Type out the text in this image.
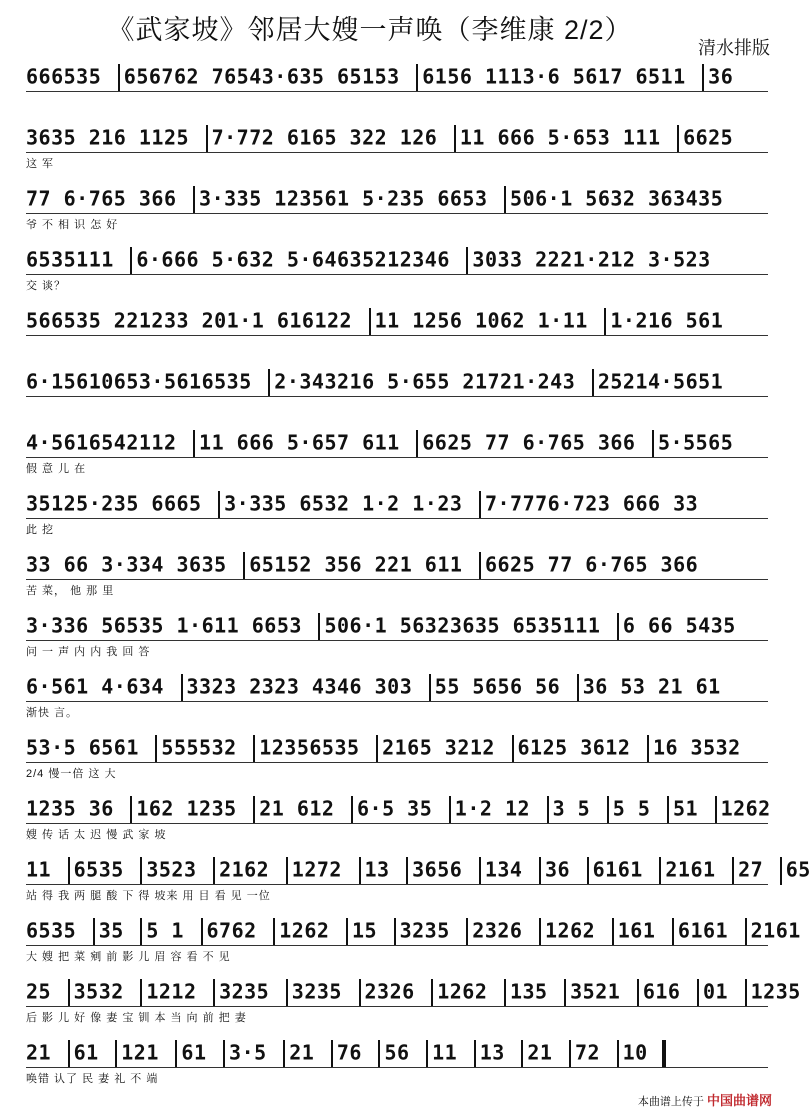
《武家坡》邻居大嫂一声唤（李维康 2/2）
清水排版
666535 656762 76543·635 65153 6156 1113·6 5617 6511 36
3635 216 1125 7·772 6165 322 126 11 666 5·653 111 6625
这 军
77 6·765 366 3·335 123561 5·235 6653 506·1 5632 363435
爷 不 相 识 怎 好
6535111 6·666 5·632 5·6463521234​6 3033 2221·212 3·523
交 谈？
566535 221233 201·1 616122 11 1256 1062 1·11 1·216 561
6·15610653·5616535 2·343216 5·655 21721·243 25214·5651
4·5616542112 11 666 5·657 611 6625 77 6·765 366 5·5565
假 意 儿 在
35125·235 6665 3·335 6532 1·2 1·23 7·7776·723 666 33
此 挖
33 66 3·334 3635 65152 356 221 611 6625 77 6·765 366
苦 菜， 他 那 里
3·336 56535 1·611 6653 506·1 56323635 6535111 6 66 5435
问 一 声 内 内 我 回 答
6·561 4·634 3323 2323 4346 303 55 5656 56 36 53 21 61
渐快 言。
53·5 6561 555532 12356535 2165 3212 6125 3612 16 3532
2/4 慢一倍 这 大
1235 36 162 1235 21 612 6·5 35 1·2 12 3 5 5 5 51 1262
嫂 传 话 太 迟 慢 武 家 坡
11 6535 3523 2162 1272 13 3656 134 36 6161 2161 27 65
站 得 我 两 腿 酸 下 得 坡来 用 目 看 见 一位
6535 35 5 1 6762 1262 15 3235 2326 1262 161 6161 2161
大 嫂 把 菜 剜 前 影 儿 眉 容 看 不 见
25 3532 1212 3235 3235 2326 1262 135 3521 616 01 1235
后 影 儿 好 像 妻 宝 钏 本 当 向 前 把 妻
21 61 121 61 3·5 21 76 56 11 13 21 72 10
唤错 认了 民 妻 礼 不 端
本曲谱上传于 中国曲谱网
